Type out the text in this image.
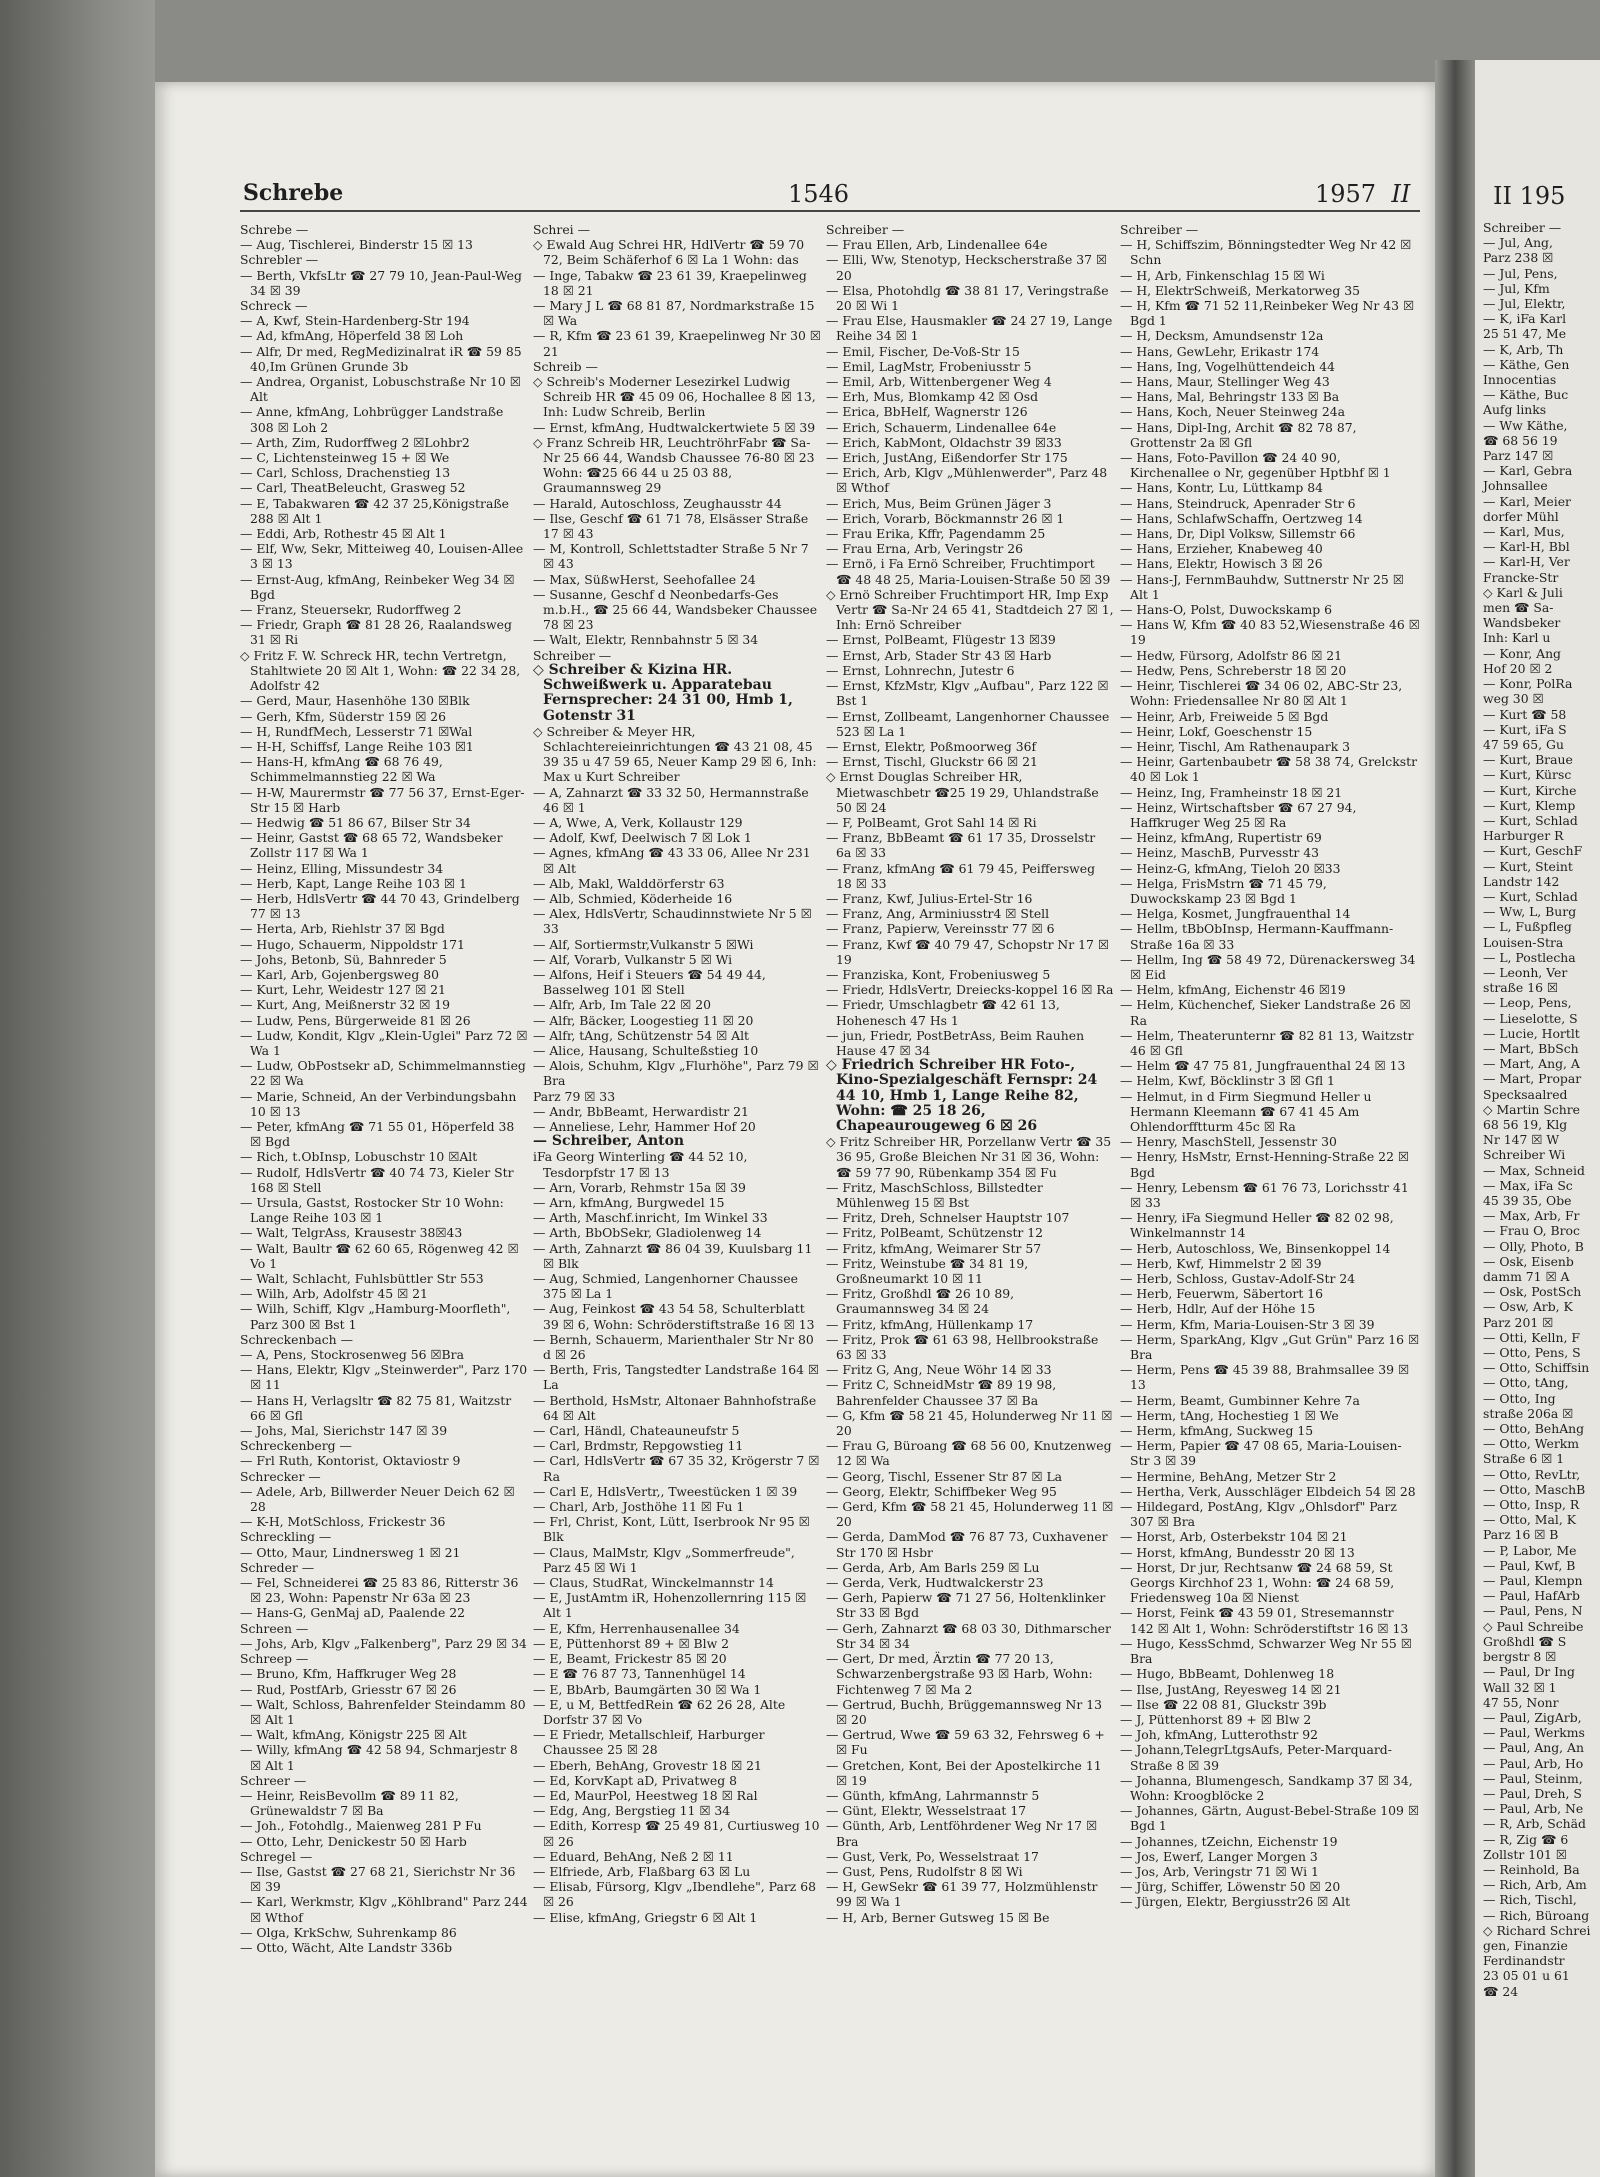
II 195
Schreiber —
— Jul, Ang,
Parz 238 ☒
— Jul, Pens,
— Jul, Kfm
— Jul, Elektr,
— K, iFa Karl
25 51 47, Me
— K, Arb, Th
— Käthe, Gen
Innocentias
— Käthe, Buc
Aufg links
— Ww Käthe,
☎ 68 56 19
Parz 147 ☒
— Karl, Gebra
Johnsallee
— Karl, Meier
dorfer Mühl
— Karl, Mus,
— Karl-H, Bbl
— Karl-H, Ver
Francke-Str
◇ Karl & Juli
men ☎ Sa-
Wandsbeker
Inh: Karl u
— Konr, Ang
Hof 20 ☒ 2
— Konr, PolRa
weg 30 ☒
— Kurt ☎ 58
— Kurt, iFa S
47 59 65, Gu
— Kurt, Braue
— Kurt, Kürsc
— Kurt, Kirche
— Kurt, Klemp
— Kurt, Schlad
Harburger R
— Kurt, GeschF
— Kurt, Steint
Landstr 142
— Kurt, Schlad
— Ww, L, Burg
— L, Fußpfleg
Louisen-Stra
— L, Postlecha
— Leonh, Ver
straße 16 ☒
— Leop, Pens,
— Lieselotte, S
— Lucie, Hortlt
— Mart, BbSch
— Mart, Ang, A
— Mart, Propar
Specksaalred
◇ Martin Schre
68 56 19, Klg
Nr 147 ☒ W
Schreiber Wi
— Max, Schneid
— Max, iFa Sc
45 39 35, Obe
— Max, Arb, Fr
— Frau O, Broc
— Olly, Photo, B
— Osk, Eisenb
damm 71 ☒ A
— Osk, PostSch
— Osw, Arb, K
Parz 201 ☒
— Otti, Kelln, F
— Otto, Pens, S
— Otto, Schiffsin
— Otto, tAng,
— Otto, Ing
straße 206a ☒
— Otto, BehAng
— Otto, Werkm
Straße 6 ☒ 1
— Otto, RevLtr,
— Otto, MaschB
— Otto, Insp, R
— Otto, Mal, K
Parz 16 ☒ B
— P, Labor, Me
— Paul, Kwf, B
— Paul, Klempn
— Paul, HafArb
— Paul, Pens, N
◇ Paul Schreibe
Großhdl ☎ S
bergstr 8 ☒
— Paul, Dr Ing
Wall 32 ☒ 1
47 55, Nonr
— Paul, ZigArb,
— Paul, Werkms
— Paul, Ang, An
— Paul, Arb, Ho
— Paul, Steinm,
— Paul, Dreh, S
— Paul, Arb, Ne
— R, Arb, Schäd
— R, Zig ☎ 6
Zollstr 101 ☒
— Reinhold, Ba
— Rich, Arb, Am
— Rich, Tischl,
— Rich, Büroang
◇ Richard Schrei
gen, Finanzie
Ferdinandstr
23 05 01 u 61
☎ 24
Schrebe	1546	1957 II
Schrebe —
— Aug, Tischlerei, Binderstr 15 ☒ 13
Schrebler —
— Berth, VkfsLtr ☎ 27 79 10, Jean-Paul-Weg 34 ☒ 39
Schreck —
— A, Kwf, Stein-Hardenberg-Str 194
— Ad, kfmAng, Höperfeld 38 ☒ Loh
— Alfr, Dr med, RegMedizinalrat iR ☎ 59 85 40,Im Grünen Grunde 3b
— Andrea, Organist, Lobuschstraße Nr 10 ☒ Alt
— Anne, kfmAng, Lohbrügger Landstraße 308 ☒ Loh 2
— Arth, Zim, Rudorffweg 2 ☒Lohbr2
— C, Lichtensteinweg 15 + ☒ We
— Carl, Schloss, Drachenstieg 13
— Carl, TheatBeleucht, Grasweg 52
— E, Tabakwaren ☎ 42 37 25,Königstraße 288 ☒ Alt 1
— Eddi, Arb, Rothestr 45 ☒ Alt 1
— Elf, Ww, Sekr, Mitteiweg 40, Louisen-Allee 3 ☒ 13
— Ernst-Aug, kfmAng, Reinbeker Weg 34 ☒ Bgd
— Franz, Steuersekr, Rudorffweg 2
— Friedr, Graph ☎ 81 28 26, Raalandsweg 31 ☒ Ri
◇ Fritz F. W. Schreck HR, techn Vertretgn, Stahltwiete 20 ☒ Alt 1, Wohn: ☎ 22 34 28, Adolfstr 42
— Gerd, Maur, Hasenhöhe 130 ☒Blk
— Gerh, Kfm, Süderstr 159 ☒ 26
— H, RundfMech, Lesserstr 71 ☒Wal
— H-H, Schiffsf, Lange Reihe 103 ☒1
— Hans-H, kfmAng ☎ 68 76 49, Schimmelmannstieg 22 ☒ Wa
— H-W, Maurermstr ☎ 77 56 37, Ernst-Eger-Str 15 ☒ Harb
— Hedwig ☎ 51 86 67, Bilser Str 34
— Heinr, Gastst ☎ 68 65 72, Wandsbeker Zollstr 117 ☒ Wa 1
— Heinz, Elling, Missundestr 34
— Herb, Kapt, Lange Reihe 103 ☒ 1
— Herb, HdlsVertr ☎ 44 70 43, Grindelberg 77 ☒ 13
— Herta, Arb, Riehlstr 37 ☒ Bgd
— Hugo, Schauerm, Nippoldstr 171
— Johs, Betonb, Sü, Bahnreder 5
— Karl, Arb, Gojenbergsweg 80
— Kurt, Lehr, Weidestr 127 ☒ 21
— Kurt, Ang, Meißnerstr 32 ☒ 19
— Ludw, Pens, Bürgerweide 81 ☒ 26
— Ludw, Kondit, Klgv „Klein-Uglei" Parz 72 ☒ Wa 1
— Ludw, ObPostsekr aD, Schimmelmannstieg 22 ☒ Wa
— Marie, Schneid, An der Verbindungsbahn 10 ☒ 13
— Peter, kfmAng ☎ 71 55 01, Höperfeld 38 ☒ Bgd
— Rich, t.ObInsp, Lobuschstr 10 ☒Alt
— Rudolf, HdlsVertr ☎ 40 74 73, Kieler Str 168 ☒ Stell
— Ursula, Gastst, Rostocker Str 10 Wohn: Lange Reihe 103 ☒ 1
— Walt, TelgrAss, Krausestr 38☒43
— Walt, Baultr ☎ 62 60 65, Rögenweg 42 ☒ Vo 1
— Walt, Schlacht, Fuhlsbüttler Str 553
— Wilh, Arb, Adolfstr 45 ☒ 21
— Wilh, Schiff, Klgv „Hamburg-Moorfleth", Parz 300 ☒ Bst 1
Schreckenbach —
— A, Pens, Stockrosenweg 56 ☒Bra
— Hans, Elektr, Klgv „Steinwerder", Parz 170 ☒ 11
— Hans H, Verlagsltr ☎ 82 75 81, Waitzstr 66 ☒ Gfl
— Johs, Mal, Sierichstr 147 ☒ 39
Schreckenberg —
— Frl Ruth, Kontorist, Oktaviostr 9
Schrecker —
— Adele, Arb, Billwerder Neuer Deich 62 ☒ 28
— K-H, MotSchloss, Frickestr 36
Schreckling —
— Otto, Maur, Lindnersweg 1 ☒ 21
Schreder —
— Fel, Schneiderei ☎ 25 83 86, Ritterstr 36 ☒ 23, Wohn: Papenstr Nr 63a ☒ 23
— Hans-G, GenMaj aD, Paalende 22
Schreen —
— Johs, Arb, Klgv „Falkenberg", Parz 29 ☒ 34
Schreep —
— Bruno, Kfm, Haffkruger Weg 28
— Rud, PostfArb, Griesstr 67 ☒ 26
— Walt, Schloss, Bahrenfelder Steindamm 80 ☒ Alt 1
— Walt, kfmAng, Königstr 225 ☒ Alt
— Willy, kfmAng ☎ 42 58 94, Schmarjestr 8 ☒ Alt 1
Schreer —
— Heinr, ReisBevollm ☎ 89 11 82, Grünewaldstr 7 ☒ Ba
— Joh., Fotohdlg., Maienweg 281 P Fu
— Otto, Lehr, Denickestr 50 ☒ Harb
Schregel —
— Ilse, Gastst ☎ 27 68 21, Sierichstr Nr 36 ☒ 39
— Karl, Werkmstr, Klgv „Köhlbrand" Parz 244 ☒ Wthof
— Olga, KrkSchw, Suhrenkamp 86
— Otto, Wächt, Alte Landstr 336b
Schrei —
◇ Ewald Aug Schrei HR, HdlVertr ☎ 59 70 72, Beim Schäferhof 6 ☒ La 1 Wohn: das
— Inge, Tabakw ☎ 23 61 39, Kraepelinweg 18 ☒ 21
— Mary J L ☎ 68 81 87, Nordmarkstraße 15 ☒ Wa
— R, Kfm ☎ 23 61 39, Kraepelinweg Nr 30 ☒ 21
Schreib —
◇ Schreib's Moderner Lesezirkel Ludwig Schreib HR ☎ 45 09 06, Hochallee 8 ☒ 13, Inh: Ludw Schreib, Berlin
— Ernst, kfmAng, Hudtwalckertwiete 5 ☒ 39
◇ Franz Schreib HR, LeuchtröhrFabr ☎ Sa-Nr 25 66 44, Wandsb Chaussee 76-80 ☒ 23 Wohn: ☎25 66 44 u 25 03 88, Graumannsweg 29
— Harald, Autoschloss, Zeughausstr 44
— Ilse, Geschf ☎ 61 71 78, Elsässer Straße 17 ☒ 43
— M, Kontroll, Schlettstadter Straße 5 Nr 7 ☒ 43
— Max, SüßwHerst, Seehofallee 24
— Susanne, Geschf d Neonbedarfs-Ges m.b.H., ☎ 25 66 44, Wandsbeker Chaussee 78 ☒ 23
— Walt, Elektr, Rennbahnstr 5 ☒ 34
Schreiber —
◇ Schreiber & Kizina HR. Schweißwerk u. Apparatebau Fernsprecher: 24 31 00, Hmb 1, Gotenstr 31
◇ Schreiber & Meyer HR, Schlachtereieinrichtungen ☎ 43 21 08, 45 39 35 u 47 59 65, Neuer Kamp 29 ☒ 6, Inh: Max u Kurt Schreiber
— A, Zahnarzt ☎ 33 32 50, Hermannstraße 46 ☒ 1
— A, Wwe, A, Verk, Kollaustr 129
— Adolf, Kwf, Deelwisch 7 ☒ Lok 1
— Agnes, kfmAng ☎ 43 33 06, Allee Nr 231 ☒ Alt
— Alb, Makl, Walddörferstr 63
— Alb, Schmied, Köderheide 16
— Alex, HdlsVertr, Schaudinnstwiete Nr 5 ☒ 33
— Alf, Sortiermstr,Vulkanstr 5 ☒Wi
— Alf, Vorarb, Vulkanstr 5 ☒ Wi
— Alfons, Heif i Steuers ☎ 54 49 44, Basselweg 101 ☒ Stell
— Alfr, Arb, Im Tale 22 ☒ 20
— Alfr, Bäcker, Loogestieg 11 ☒ 20
— Alfr, tAng, Schützenstr 54 ☒ Alt
— Alice, Hausang, Schulteßstieg 10
— Alois, Schuhm, Klgv „Flurhöhe", Parz 79 ☒ Bra
Parz 79 ☒ 33
— Andr, BbBeamt, Herwardistr 21
— Anneliese, Lehr, Hammer Hof 20
— Schreiber, Anton
iFa Georg Winterling ☎ 44 52 10, Tesdorpfstr 17 ☒ 13
— Arn, Vorarb, Rehmstr 15a ☒ 39
— Arn, kfmAng, Burgwedel 15
— Arth, Maschf.inricht, Im Winkel 33
— Arth, BbObSekr, Gladiolenweg 14
— Arth, Zahnarzt ☎ 86 04 39, Kuulsbarg 11 ☒ Blk
— Aug, Schmied, Langenhorner Chaussee 375 ☒ La 1
— Aug, Feinkost ☎ 43 54 58, Schulterblatt 39 ☒ 6, Wohn: Schröderstiftstraße 16 ☒ 13
— Bernh, Schauerm, Marienthaler Str Nr 80 d ☒ 26
— Berth, Fris, Tangstedter Landstraße 164 ☒ La
— Berthold, HsMstr, Altonaer Bahnhofstraße 64 ☒ Alt
— Carl, Händl, Chateauneufstr 5
— Carl, Brdmstr, Repgowstieg 11
— Carl, HdlsVertr ☎ 67 35 32, Krögerstr 7 ☒ Ra
— Carl E, HdlsVertr,, Tweestücken 1 ☒ 39
— Charl, Arb, Josthöhe 11 ☒ Fu 1
— Frl, Christ, Kont, Lütt, Iserbrook Nr 95 ☒ Blk
— Claus, MalMstr, Klgv „Sommerfreude", Parz 45 ☒ Wi 1
— Claus, StudRat, Winckelmannstr 14
— E, JustAmtm iR, Hohenzollernring 115 ☒ Alt 1
— E, Kfm, Herrenhausenallee 34
— E, Püttenhorst 89 + ☒ Blw 2
— E, Beamt, Frickestr 85 ☒ 20
— E ☎ 76 87 73, Tannenhügel 14
— E, BbArb, Baumgärten 30 ☒ Wa 1
— E, u M, BettfedRein ☎ 62 26 28, Alte Dorfstr 37 ☒ Vo
— E Friedr, Metallschleif, Harburger Chaussee 25 ☒ 28
— Eberh, BehAng, Grovestr 18 ☒ 21
— Ed, KorvKapt aD, Privatweg 8
— Ed, MaurPol, Heestweg 18 ☒ Ral
— Edg, Ang, Bergstieg 11 ☒ 34
— Edith, Korresp ☎ 25 49 81, Curtiusweg 10 ☒ 26
— Eduard, BehAng, Neß 2 ☒ 11
— Elfriede, Arb, Flaßbarg 63 ☒ Lu
— Elisab, Fürsorg, Klgv „Ibendlehe", Parz 68 ☒ 26
— Elise, kfmAng, Griegstr 6 ☒ Alt 1
Schreiber —
— Frau Ellen, Arb, Lindenallee 64e
— Elli, Ww, Stenotyp, Heckscherstraße 37 ☒ 20
— Elsa, Photohdlg ☎ 38 81 17, Veringstraße 20 ☒ Wi 1
— Frau Else, Hausmakler ☎ 24 27 19, Lange Reihe 34 ☒ 1
— Emil, Fischer, De-Voß-Str 15
— Emil, LagMstr, Frobeniusstr 5
— Emil, Arb, Wittenbergener Weg 4
— Erh, Mus, Blomkamp 42 ☒ Osd
— Erica, BbHelf, Wagnerstr 126
— Erich, Schauerm, Lindenallee 64e
— Erich, KabMont, Oldachstr 39 ☒33
— Erich, JustAng, Eißendorfer Str 175
— Erich, Arb, Klgv „Mühlenwerder", Parz 48 ☒ Wthof
— Erich, Mus, Beim Grünen Jäger 3
— Erich, Vorarb, Böckmannstr 26 ☒ 1
— Frau Erika, Kffr, Pagendamm 25
— Frau Erna, Arb, Veringstr 26
— Ernö, i Fa Ernö Schreiber, Fruchtimport ☎ 48 48 25, Maria-Louisen-Straße 50 ☒ 39
◇ Ernö Schreiber Fruchtimport HR, Imp Exp Vertr ☎ Sa-Nr 24 65 41, Stadtdeich 27 ☒ 1, Inh: Ernö Schreiber
— Ernst, PolBeamt, Flügestr 13 ☒39
— Ernst, Arb, Stader Str 43 ☒ Harb
— Ernst, Lohnrechn, Jutestr 6
— Ernst, KfzMstr, Klgv „Aufbau", Parz 122 ☒ Bst 1
— Ernst, Zollbeamt, Langenhorner Chaussee 523 ☒ La 1
— Ernst, Elektr, Poßmoorweg 36f
— Ernst, Tischl, Gluckstr 66 ☒ 21
◇ Ernst Douglas Schreiber HR, Mietwaschbetr ☎25 19 29, Uhlandstraße 50 ☒ 24
— F, PolBeamt, Grot Sahl 14 ☒ Ri
— Franz, BbBeamt ☎ 61 17 35, Drosselstr 6a ☒ 33
— Franz, kfmAng ☎ 61 79 45, Peiffersweg 18 ☒ 33
— Franz, Kwf, Julius-Ertel-Str 16
— Franz, Ang, Arminiusstr4 ☒ Stell
— Franz, Papierw, Vereinsstr 77 ☒ 6
— Franz, Kwf ☎ 40 79 47, Schopstr Nr 17 ☒ 19
— Franziska, Kont, Frobeniusweg 5
— Friedr, HdlsVertr, Dreiecks-koppel 16 ☒ Ra
— Friedr, Umschlagbetr ☎ 42 61 13, Hohenesch 47 Hs 1
— jun, Friedr, PostBetrAss, Beim Rauhen Hause 47 ☒ 34
◇ Friedrich Schreiber HR Foto-, Kino-Spezialgeschäft Fernspr: 24 44 10, Hmb 1, Lange Reihe 82, Wohn: ☎ 25 18 26, Chapeaurougeweg 6 ☒ 26
◇ Fritz Schreiber HR, Porzellanw Vertr ☎ 35 36 95, Große Bleichen Nr 31 ☒ 36, Wohn: ☎ 59 77 90, Rübenkamp 354 ☒ Fu
— Fritz, MaschSchloss, Billstedter Mühlenweg 15 ☒ Bst
— Fritz, Dreh, Schnelser Hauptstr 107
— Fritz, PolBeamt, Schützenstr 12
— Fritz, kfmAng, Weimarer Str 57
— Fritz, Weinstube ☎ 34 81 19, Großneumarkt 10 ☒ 11
— Fritz, Großhdl ☎ 26 10 89, Graumannsweg 34 ☒ 24
— Fritz, kfmAng, Hüllenkamp 17
— Fritz, Prok ☎ 61 63 98, Hellbrookstraße 63 ☒ 33
— Fritz G, Ang, Neue Wöhr 14 ☒ 33
— Fritz C, SchneidMstr ☎ 89 19 98, Bahrenfelder Chaussee 37 ☒ Ba
— G, Kfm ☎ 58 21 45, Holunderweg Nr 11 ☒ 20
— Frau G, Büroang ☎ 68 56 00, Knutzenweg 12 ☒ Wa
— Georg, Tischl, Essener Str 87 ☒ La
— Georg, Elektr, Schiffbeker Weg 95
— Gerd, Kfm ☎ 58 21 45, Holunderweg 11 ☒ 20
— Gerda, DamMod ☎ 76 87 73, Cuxhavener Str 170 ☒ Hsbr
— Gerda, Arb, Am Barls 259 ☒ Lu
— Gerda, Verk, Hudtwalckerstr 23
— Gerh, Papierw ☎ 71 27 56, Holtenklinker Str 33 ☒ Bgd
— Gerh, Zahnarzt ☎ 68 03 30, Dithmarscher Str 34 ☒ 34
— Gert, Dr med, Ärztin ☎ 77 20 13, Schwarzenbergstraße 93 ☒ Harb, Wohn: Fichtenweg 7 ☒ Ma 2
— Gertrud, Buchh, Brüggemannsweg Nr 13 ☒ 20
— Gertrud, Wwe ☎ 59 63 32, Fehrsweg 6 + ☒ Fu
— Gretchen, Kont, Bei der Apostelkirche 11 ☒ 19
— Günth, kfmAng, Lahrmannstr 5
— Günt, Elektr, Wesselstraat 17
— Günth, Arb, Lentföhrdener Weg Nr 17 ☒ Bra
— Gust, Verk, Po, Wesselstraat 17
— Gust, Pens, Rudolfstr 8 ☒ Wi
— H, GewSekr ☎ 61 39 77, Holzmühlenstr 99 ☒ Wa 1
— H, Arb, Berner Gutsweg 15 ☒ Be
Schreiber —
— H, Schiffszim, Bönningstedter Weg Nr 42 ☒ Schn
— H, Arb, Finkenschlag 15 ☒ Wi
— H, ElektrSchweiß, Merkatorweg 35
— H, Kfm ☎ 71 52 11,Reinbeker Weg Nr 43 ☒ Bgd 1
— H, Decksm, Amundsenstr 12a
— Hans, GewLehr, Erikastr 174
— Hans, Ing, Vogelhüttendeich 44
— Hans, Maur, Stellinger Weg 43
— Hans, Mal, Behringstr 133 ☒ Ba
— Hans, Koch, Neuer Steinweg 24a
— Hans, Dipl-Ing, Archit ☎ 82 78 87, Grottenstr 2a ☒ Gfl
— Hans, Foto-Pavillon ☎ 24 40 90, Kirchenallee o Nr, gegenüber Hptbhf ☒ 1
— Hans, Kontr, Lu, Lüttkamp 84
— Hans, Steindruck, Apenrader Str 6
— Hans, SchlafwSchaffn, Oertzweg 14
— Hans, Dr, Dipl Volksw, Sillemstr 66
— Hans, Erzieher, Knabeweg 40
— Hans, Elektr, Howisch 3 ☒ 26
— Hans-J, FernmBauhdw, Suttnerstr Nr 25 ☒ Alt 1
— Hans-O, Polst, Duwockskamp 6
— Hans W, Kfm ☎ 40 83 52,Wiesenstraße 46 ☒ 19
— Hedw, Fürsorg, Adolfstr 86 ☒ 21
— Hedw, Pens, Schreberstr 18 ☒ 20
— Heinr, Tischlerei ☎ 34 06 02, ABC-Str 23, Wohn: Friedensallee Nr 80 ☒ Alt 1
— Heinr, Arb, Freiweide 5 ☒ Bgd
— Heinr, Lokf, Goeschenstr 15
— Heinr, Tischl, Am Rathenaupark 3
— Heinr, Gartenbaubetr ☎ 58 38 74, Grelckstr 40 ☒ Lok 1
— Heinz, Ing, Framheinstr 18 ☒ 21
— Heinz, Wirtschaftsber ☎ 67 27 94, Haffkruger Weg 25 ☒ Ra
— Heinz, kfmAng, Rupertistr 69
— Heinz, MaschB, Purvesstr 43
— Heinz-G, kfmAng, Tieloh 20 ☒33
— Helga, FrisMstrn ☎ 71 45 79, Duwockskamp 23 ☒ Bgd 1
— Helga, Kosmet, Jungfrauenthal 14
— Hellm, tBbObInsp, Hermann-Kauffmann-Straße 16a ☒ 33
— Hellm, Ing ☎ 58 49 72, Dürenackersweg 34 ☒ Eid
— Helm, kfmAng, Eichenstr 46 ☒19
— Helm, Küchenchef, Sieker Landstraße 26 ☒ Ra
— Helm, Theaterunternr ☎ 82 81 13, Waitzstr 46 ☒ Gfl
— Helm ☎ 47 75 81, Jungfrauenthal 24 ☒ 13
— Helm, Kwf, Böcklinstr 3 ☒ Gfl 1
— Helmut, in d Firm Siegmund Heller u Hermann Kleemann ☎ 67 41 45 Am Ohlendorfftturm 45c ☒ Ra
— Henry, MaschStell, Jessenstr 30
— Henry, HsMstr, Ernst-Henning-Straße 22 ☒ Bgd
— Henry, Lebensm ☎ 61 76 73, Lorichsstr 41 ☒ 33
— Henry, iFa Siegmund Heller ☎ 82 02 98, Winkelmannstr 14
— Herb, Autoschloss, We, Binsenkoppel 14
— Herb, Kwf, Himmelstr 2 ☒ 39
— Herb, Schloss, Gustav-Adolf-Str 24
— Herb, Feuerwm, Säbertort 16
— Herb, Hdlr, Auf der Höhe 15
— Herm, Kfm, Maria-Louisen-Str 3 ☒ 39
— Herm, SparkAng, Klgv „Gut Grün" Parz 16 ☒ Bra
— Herm, Pens ☎ 45 39 88, Brahmsallee 39 ☒ 13
— Herm, Beamt, Gumbinner Kehre 7a
— Herm, tAng, Hochestieg 1 ☒ We
— Herm, kfmAng, Suckweg 15
— Herm, Papier ☎ 47 08 65, Maria-Louisen-Str 3 ☒ 39
— Hermine, BehAng, Metzer Str 2
— Hertha, Verk, Ausschläger Elbdeich 54 ☒ 28
— Hildegard, PostAng, Klgv „Ohlsdorf" Parz 307 ☒ Bra
— Horst, Arb, Osterbekstr 104 ☒ 21
— Horst, kfmAng, Bundesstr 20 ☒ 13
— Horst, Dr jur, Rechtsanw ☎ 24 68 59, St Georgs Kirchhof 23 1, Wohn: ☎ 24 68 59, Friedensweg 10a ☒ Nienst
— Horst, Feink ☎ 43 59 01, Stresemannstr 142 ☒ Alt 1, Wohn: Schröderstiftstr 16 ☒ 13
— Hugo, KessSchmd, Schwarzer Weg Nr 55 ☒ Bra
— Hugo, BbBeamt, Dohlenweg 18
— Ilse, JustAng, Reyesweg 14 ☒ 21
— Ilse ☎ 22 08 81, Gluckstr 39b
— J, Püttenhorst 89 + ☒ Blw 2
— Joh, kfmAng, Lutterothstr 92
— Johann,TelegrLtgsAufs, Peter-Marquard-Straße 8 ☒ 39
— Johanna, Blumengesch, Sandkamp 37 ☒ 34, Wohn: Kroogblöcke 2
— Johannes, Gärtn, August-Bebel-Straße 109 ☒ Bgd 1
— Johannes, tZeichn, Eichenstr 19
— Jos, Ewerf, Langer Morgen 3
— Jos, Arb, Veringstr 71 ☒ Wi 1
— Jürg, Schiffer, Löwenstr 50 ☒ 20
— Jürgen, Elektr, Bergiusstr26 ☒ Alt
